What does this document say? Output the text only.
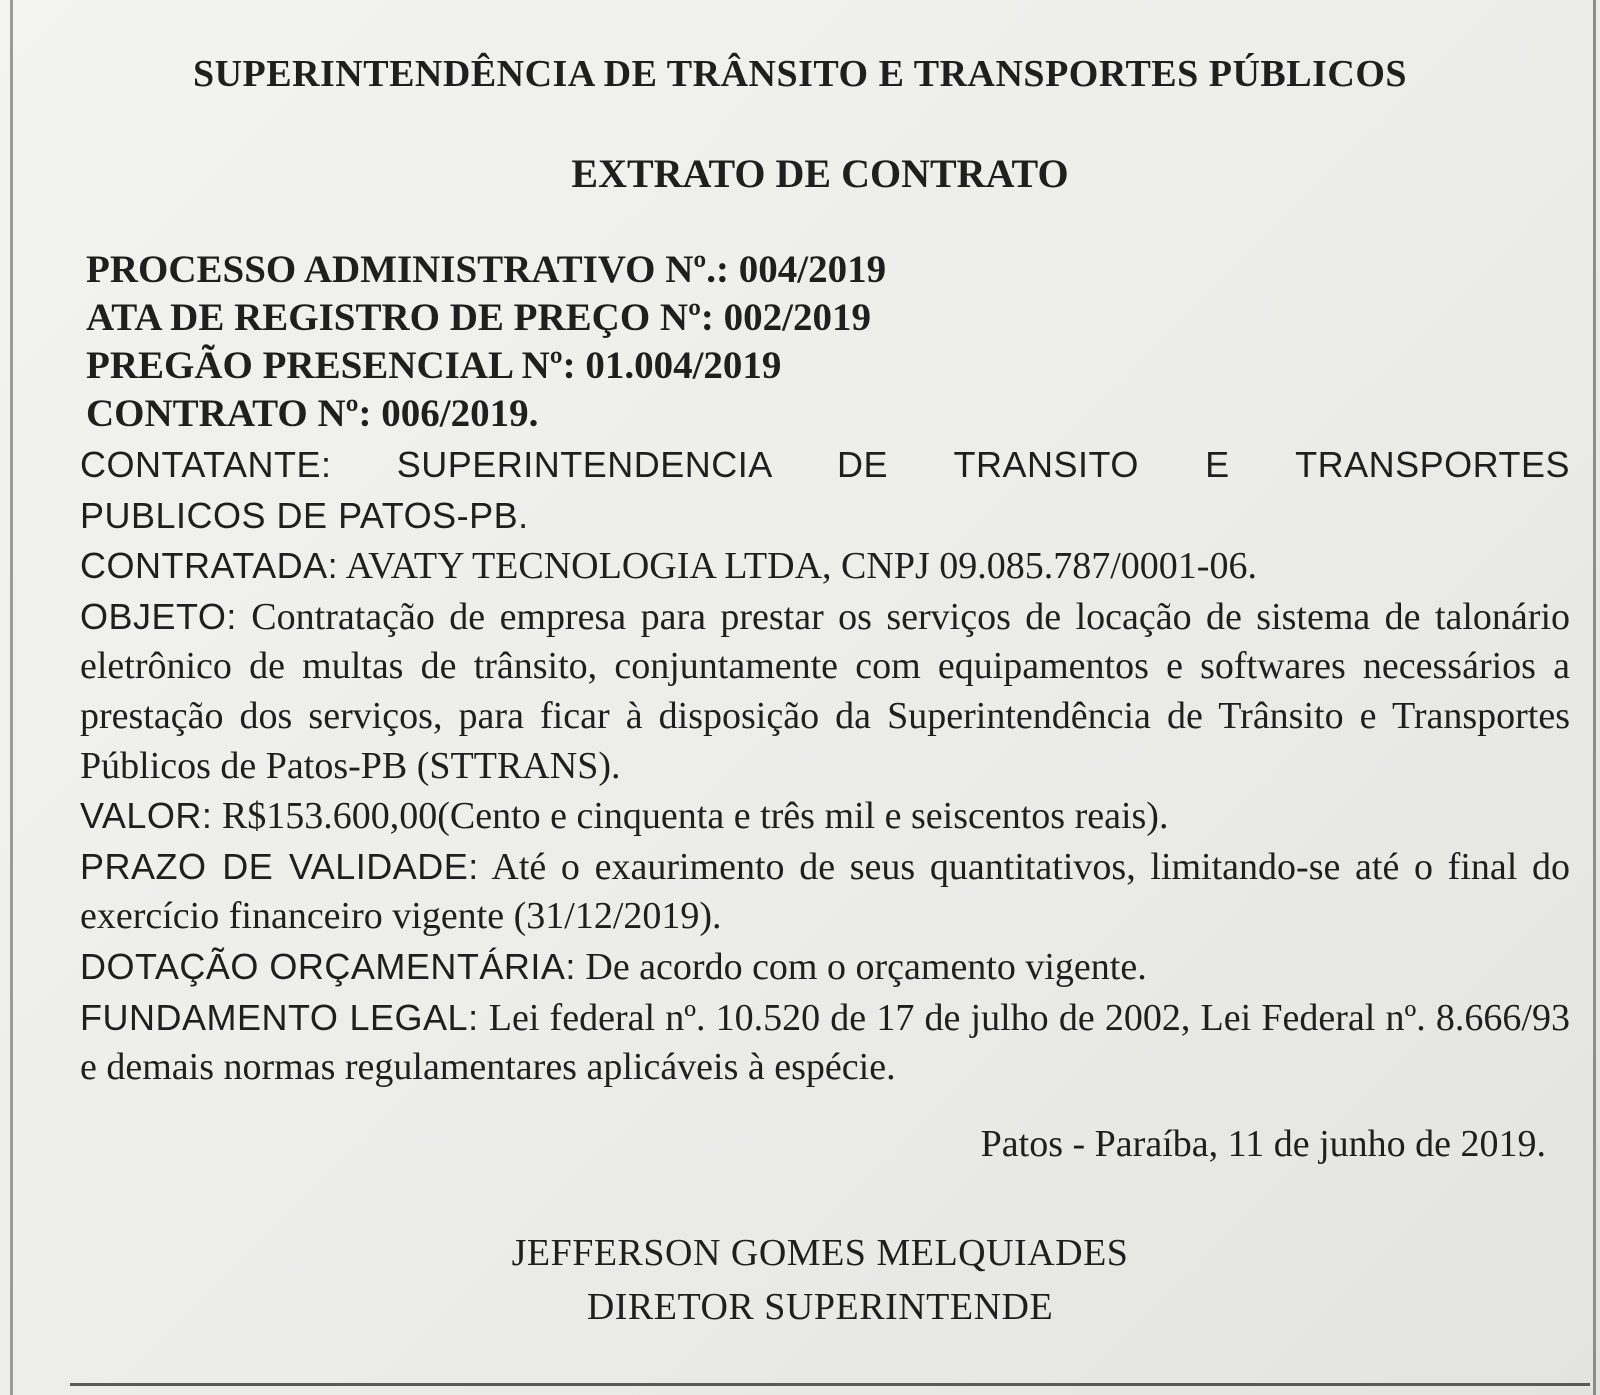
SUPERINTENDÊNCIA DE TRÂNSITO E TRANSPORTES PÚBLICOS
EXTRATO DE CONTRATO
PROCESSO ADMINISTRATIVO Nº.: 004/2019
ATA DE REGISTRO DE PREÇO Nº: 002/2019
PREGÃO PRESENCIAL Nº: 01.004/2019
CONTRATO Nº: 006/2019.
CONTATANTE: SUPERINTENDENCIA DE TRANSITO E TRANSPORTES
PUBLICOS DE PATOS-PB.
CONTRATADA: AVATY TECNOLOGIA LTDA, CNPJ 09.085.787/0001-06.
OBJETO: Contratação de empresa para prestar os serviços de locação de sistema de talonário eletrônico de multas de trânsito, conjuntamente com equipamentos e softwares necessários a prestação dos serviços, para ficar à disposição da Superintendência de Trânsito e Transportes Públicos de Patos-PB (STTRANS).
VALOR: R$153.600,00(Cento e cinquenta e três mil e seiscentos reais).
PRAZO DE VALIDADE: Até o exaurimento de seus quantitativos, limitando-se até o final do exercício financeiro vigente (31/12/2019).
DOTAÇÃO ORÇAMENTÁRIA: De acordo com o orçamento vigente.
FUNDAMENTO LEGAL: Lei federal nº. 10.520 de 17 de julho de 2002, Lei Federal nº. 8.666/93 e demais normas regulamentares aplicáveis à espécie.
Patos - Paraíba, 11 de junho de 2019.
JEFFERSON GOMES MELQUIADES
DIRETOR SUPERINTENDE
